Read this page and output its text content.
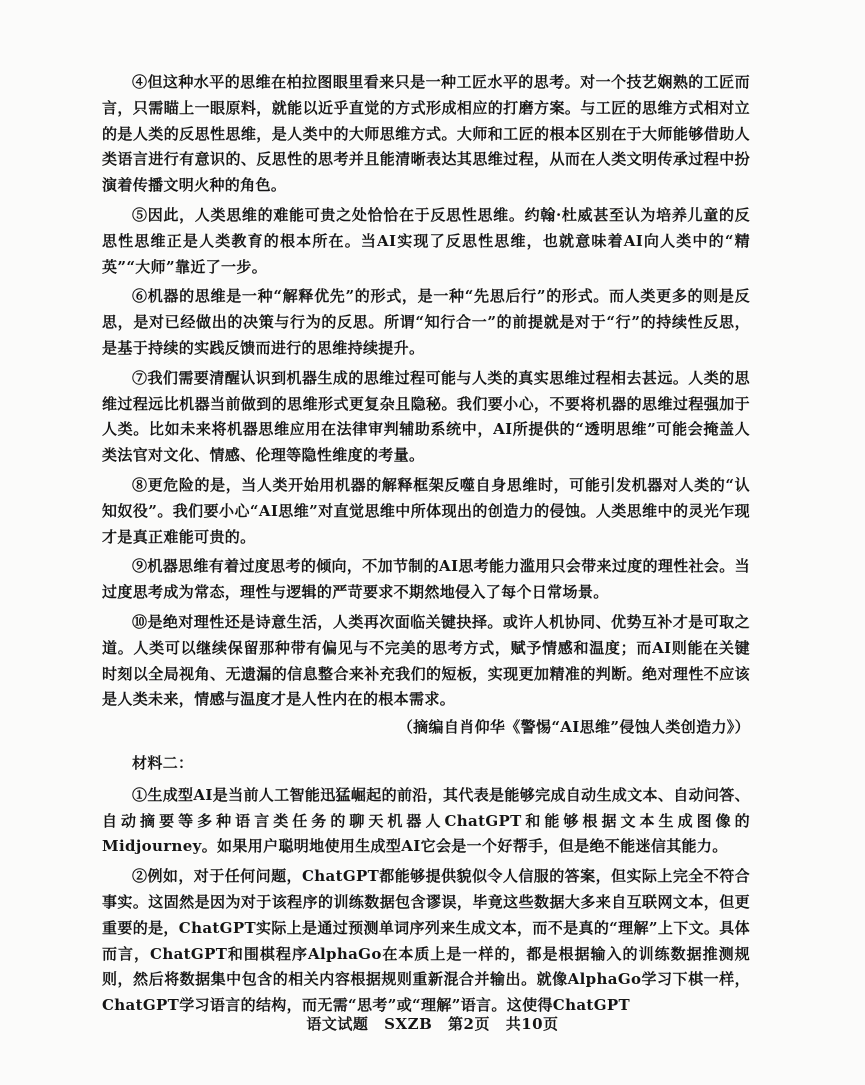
④但这种水平的思维在柏拉图眼里看来只是一种工匠水平的思考。对一个技艺娴熟的工匠而言，只需瞄上一眼原料，就能以近乎直觉的方式形成相应的打磨方案。与工匠的思维方式相对立的是人类的反思性思维，是人类中的大师思维方式。大师和工匠的根本区别在于大师能够借助人类语言进行有意识的、反思性的思考并且能清晰表达其思维过程，从而在人类文明传承过程中扮演着传播文明火种的角色。

⑤因此，人类思维的难能可贵之处恰恰在于反思性思维。约翰·杜威甚至认为培养儿童的反思性思维正是人类教育的根本所在。当AI实现了反思性思维，也就意味着AI向人类中的“精英”“大师”靠近了一步。

⑥机器的思维是一种“解释优先”的形式，是一种“先思后行”的形式。而人类更多的则是反思，是对已经做出的决策与行为的反思。所谓“知行合一”的前提就是对于“行”的持续性反思，是基于持续的实践反馈而进行的思维持续提升。

⑦我们需要清醒认识到机器生成的思维过程可能与人类的真实思维过程相去甚远。人类的思维过程远比机器当前做到的思维形式更复杂且隐秘。我们要小心，不要将机器的思维过程强加于人类。比如未来将机器思维应用在法律审判辅助系统中，AI所提供的“透明思维”可能会掩盖人类法官对文化、情感、伦理等隐性维度的考量。

⑧更危险的是，当人类开始用机器的解释框架反噬自身思维时，可能引发机器对人类的“认知奴役”。我们要小心“AI思维”对直觉思维中所体现出的创造力的侵蚀。人类思维中的灵光乍现才是真正难能可贵的。

⑨机器思维有着过度思考的倾向，不加节制的AI思考能力滥用只会带来过度的理性社会。当过度思考成为常态，理性与逻辑的严苛要求不期然地侵入了每个日常场景。

⑩是绝对理性还是诗意生活，人类再次面临关键抉择。或许人机协同、优势互补才是可取之道。人类可以继续保留那种带有偏见与不完美的思考方式，赋予情感和温度；而AI则能在关键时刻以全局视角、无遗漏的信息整合来补充我们的短板，实现更加精准的判断。绝对理性不应该是人类未来，情感与温度才是人性内在的根本需求。

（摘编自肖仰华《警惕“AI思维”侵蚀人类创造力》）

材料二：

①生成型AI是当前人工智能迅猛崛起的前沿，其代表是能够完成自动生成文本、自动问答、自动摘要等多种语言类任务的聊天机器人ChatGPT和能够根据文本生成图像的Midjourney。如果用户聪明地使用生成型AI它会是一个好帮手，但是绝不能迷信其能力。

②例如，对于任何问题，ChatGPT都能够提供貌似令人信服的答案，但实际上完全不符合事实。这固然是因为对于该程序的训练数据包含谬误，毕竟这些数据大多来自互联网文本，但更重要的是，ChatGPT实际上是通过预测单词序列来生成文本，而不是真的“理解”上下文。具体而言，ChatGPT和围棋程序AlphaGo在本质上是一样的，都是根据输入的训练数据推测规则，然后将数据集中包含的相关内容根据规则重新混合并输出。就像AlphaGo学习下棋一样，ChatGPT学习语言的结构，而无需“思考”或“理解”语言。这使得ChatGPT

语文试题 SXZB 第2页 共10页
